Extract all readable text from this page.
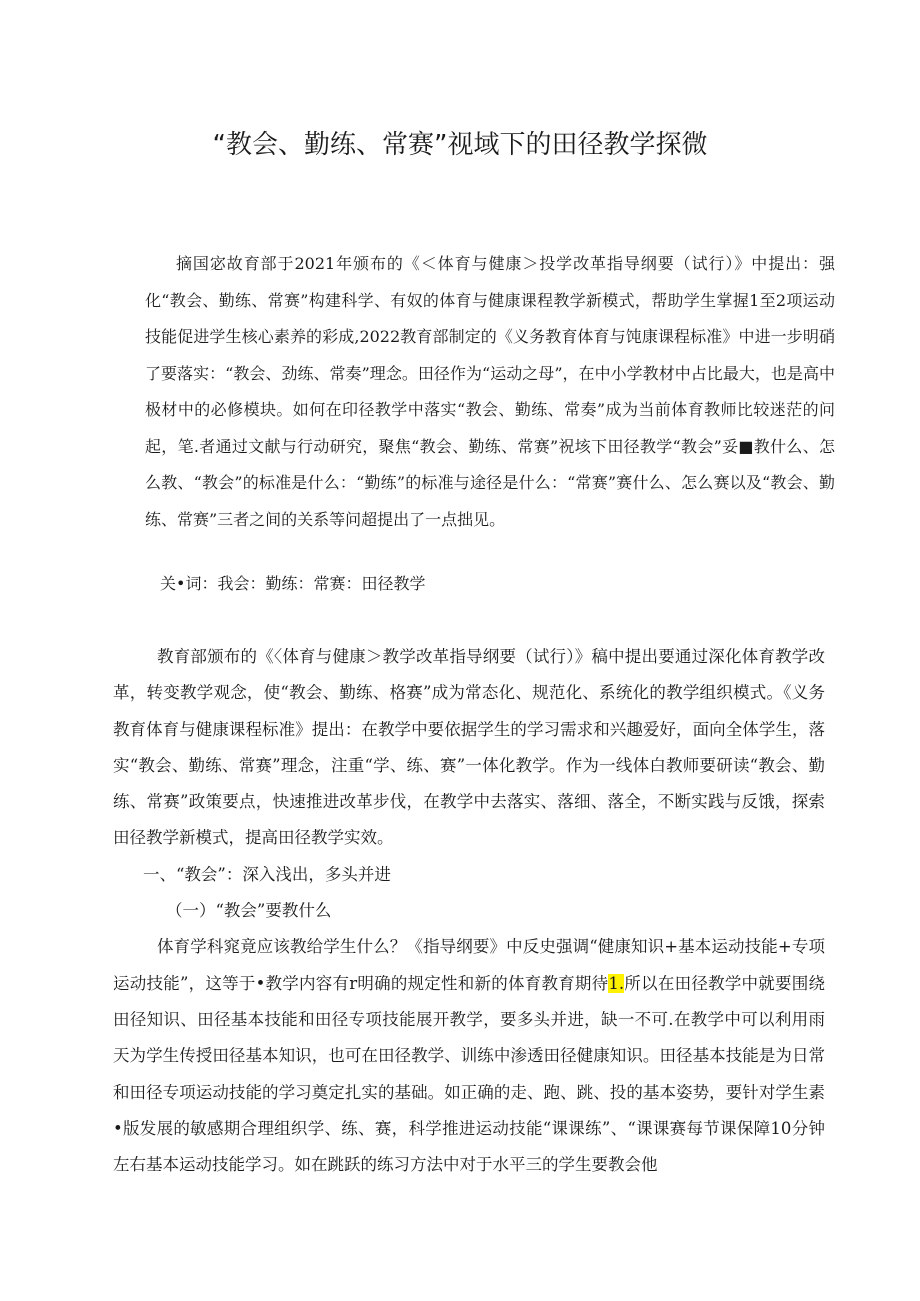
“教会、勤练、常赛”视域下的田径教学探微

摘国宓故育部于2021年颁布的《＜体育与健康＞投学改革指导纲要（试行）》中提出：强化“教会、勤练、常赛”构建科学、有奴的体育与健康课程教学新模式，帮助学生掌握1至2项运动技能促进学生核心素养的彩成,2022教育部制定的《义务教育体育与饨康课程标准》中进一步明硝了要落实：“教会、劲练、常奏”理念。田径作为“运动之母”，在中小学教材中占比最大，也是高中极材中的必修模块。如何在印径教学中落实“教会、勤练、常奏”成为当前体育教师比较迷茫的问起，笔.者通过文献与行动研究，聚焦“教会、勤练、常赛”祝垓下田径教学“教会”妥■教什么、怎么教、“教会”的标准是什么：“勤练”的标准与途径是什么：“常赛”赛什么、怎么赛以及“教会、勤练、常赛”三者之间的关系等问超提出了一点拙见。

关•词：我会：勤练：常赛：田径教学

教育部颁布的《〈体育与健康＞教学改革指导纲要（试行）》稿中提出要通过深化体育教学改革，转变教学观念，使“教会、勤练、格赛”成为常态化、规范化、系统化的教学组织模式。《义务教育体育与健康课程标准》提出：在教学中要依据学生的学习需求和兴趣爱好，面向全体学生，落实“教会、勤练、常赛”理念，注重“学、练、赛”一体化教学。作为一线体白教师要研读“教会、勤练、常赛”政策要点，快速推进改革步伐，在教学中去落实、落细、落全，不断实践与反饿，探索田径教学新模式，提高田径教学实效。

一、“教会”：深入浅出，多头并进

（一）“教会”要教什么

体育学科窕竟应该教给学生什么？《指导纲要》中反史强调“健康知识+基本运动技能+专项运动技能”，这等于•教学内容有r明确的规定性和新的体育教育期待1.所以在田径教学中就要围绕田径知识、田径基本技能和田径专项技能展开教学，要多头并进，缺一不可.在教学中可以利用雨天为学生传授田径基本知识，也可在田径教学、训练中渗透田径健康知识。田径基本技能是为日常和田径专项运动技能的学习奠定扎实的基础。如正确的走、跑、跳、投的基本姿势，要针对学生素•版发展的敏感期合理组织学、练、赛，科学推进运动技能“课课练”、“课课赛每节课保障10分钟左右基本运动技能学习。如在跳跃的练习方法中对于水平三的学生要教会他
